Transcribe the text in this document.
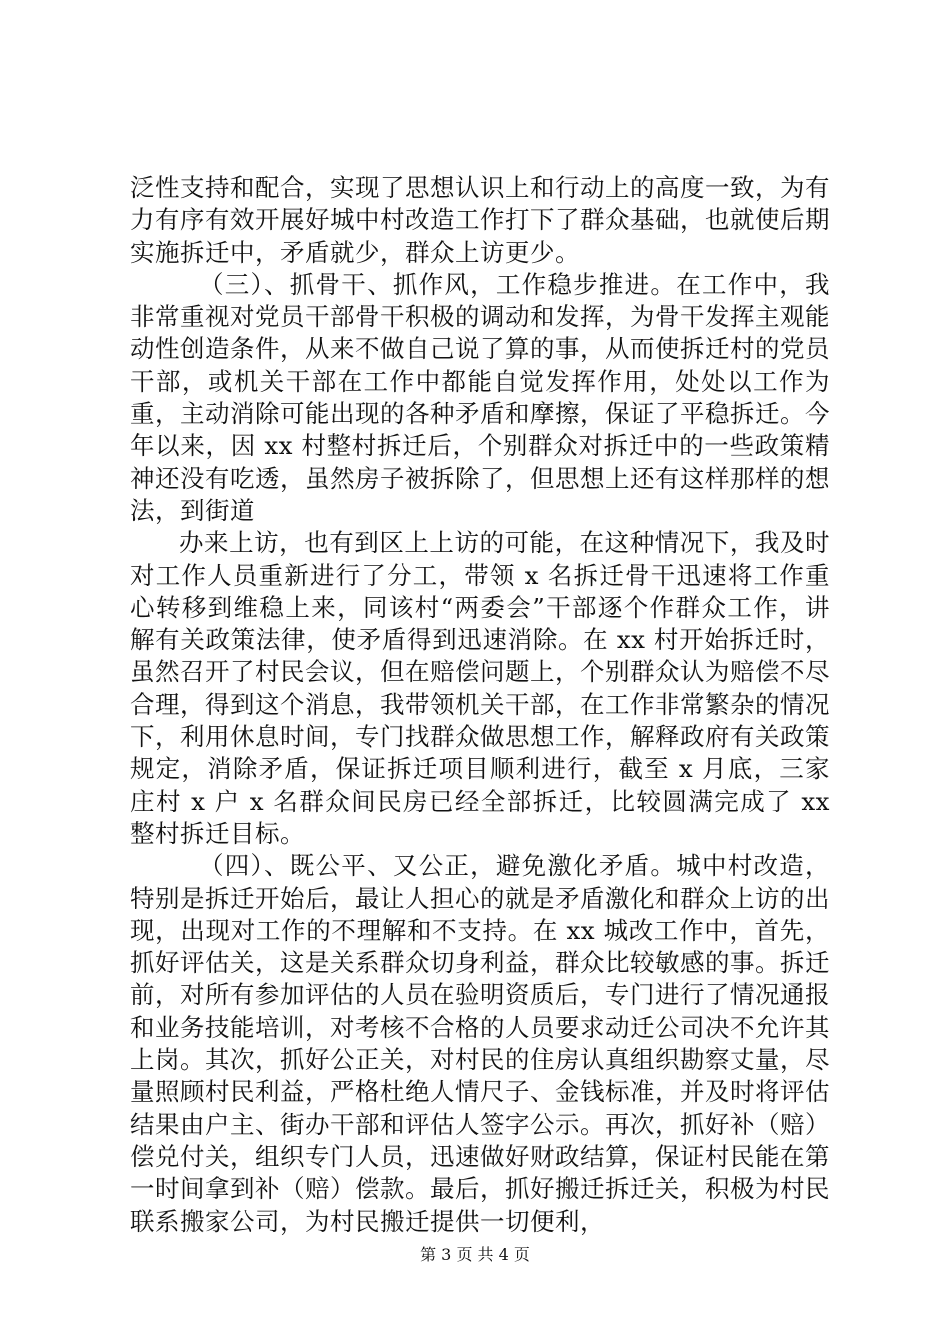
泛性支持和配合，实现了思想认识上和行动上的高度一致，为有力有序有效开展好城中村改造工作打下了群众基础，也就使后期实施拆迁中，矛盾就少，群众上访更少。

（三）、抓骨干、抓作风，工作稳步推进。在工作中，我非常重视对党员干部骨干积极的调动和发挥，为骨干发挥主观能动性创造条件，从来不做自己说了算的事，从而使拆迁村的党员干部，或机关干部在工作中都能自觉发挥作用，处处以工作为重，主动消除可能出现的各种矛盾和摩擦，保证了平稳拆迁。今年以来，因 xx 村整村拆迁后，个别群众对拆迁中的一些政策精神还没有吃透，虽然房子被拆除了，但思想上还有这样那样的想法，到街道

办来上访，也有到区上上访的可能，在这种情况下，我及时对工作人员重新进行了分工，带领 x 名拆迁骨干迅速将工作重心转移到维稳上来，同该村“两委会”干部逐个作群众工作，讲解有关政策法律，使矛盾得到迅速消除。在 xx 村开始拆迁时，虽然召开了村民会议，但在赔偿问题上，个别群众认为赔偿不尽合理，得到这个消息，我带领机关干部，在工作非常繁杂的情况下，利用休息时间，专门找群众做思想工作，解释政府有关政策规定，消除矛盾，保证拆迁项目顺利进行，截至 x 月底，三家庄村 x 户 x 名群众间民房已经全部拆迁，比较圆满完成了 xx 整村拆迁目标。

（四）、既公平、又公正，避免激化矛盾。城中村改造，特别是拆迁开始后，最让人担心的就是矛盾激化和群众上访的出现，出现对工作的不理解和不支持。在 xx 城改工作中，首先，抓好评估关，这是关系群众切身利益，群众比较敏感的事。拆迁前，对所有参加评估的人员在验明资质后，专门进行了情况通报和业务技能培训，对考核不合格的人员要求动迁公司决不允许其上岗。其次，抓好公正关，对村民的住房认真组织勘察丈量，尽量照顾村民利益，严格杜绝人情尺子、金钱标准，并及时将评估结果由户主、街办干部和评估人签字公示。再次，抓好补（赔）偿兑付关，组织专门人员，迅速做好财政结算，保证村民能在第一时间拿到补（赔）偿款。最后，抓好搬迁拆迁关，积极为村民联系搬家公司，为村民搬迁提供一切便利，

第 3 页 共 4 页
